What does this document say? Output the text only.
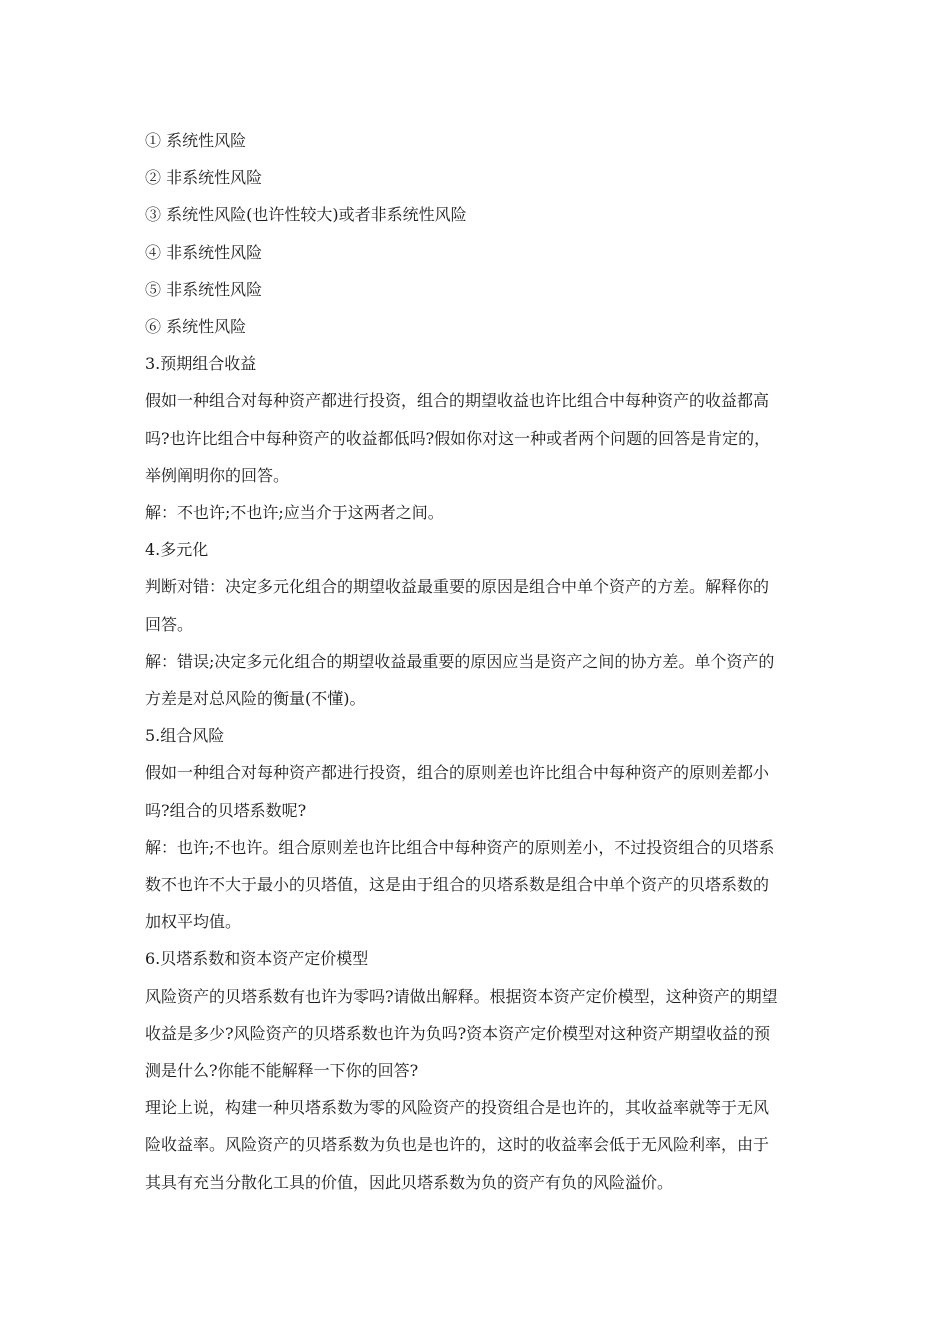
① 系统性风险

② 非系统性风险

③ 系统性风险(也许性较大)或者非系统性风险

④ 非系统性风险

⑤ 非系统性风险

⑥ 系统性风险

3.预期组合收益

假如一种组合对每种资产都进行投资，组合的期望收益也许比组合中每种资产的收益都高
吗?也许比组合中每种资产的收益都低吗?假如你对这一种或者两个问题的回答是肯定的，
举例阐明你的回答。
解：不也许;不也许;应当介于这两者之间。

4.多元化

判断对错：决定多元化组合的期望收益最重要的原因是组合中单个资产的方差。解释你的
回答。
解：错误;决定多元化组合的期望收益最重要的原因应当是资产之间的协方差。单个资产的
方差是对总风险的衡量(不懂)。

5.组合风险

假如一种组合对每种资产都进行投资，组合的原则差也许比组合中每种资产的原则差都小
吗?组合的贝塔系数呢?
解：也许;不也许。组合原则差也许比组合中每种资产的原则差小，不过投资组合的贝塔系
数不也许不大于最小的贝塔值，这是由于组合的贝塔系数是组合中单个资产的贝塔系数的
加权平均值。

6.贝塔系数和资本资产定价模型

风险资产的贝塔系数有也许为零吗?请做出解释。根据资本资产定价模型，这种资产的期望
收益是多少?风险资产的贝塔系数也许为负吗?资本资产定价模型对这种资产期望收益的预
测是什么?你能不能解释一下你的回答?
理论上说，构建一种贝塔系数为零的风险资产的投资组合是也许的，其收益率就等于无风
险收益率。风险资产的贝塔系数为负也是也许的，这时的收益率会低于无风险利率，由于
其具有充当分散化工具的价值，因此贝塔系数为负的资产有负的风险溢价。
